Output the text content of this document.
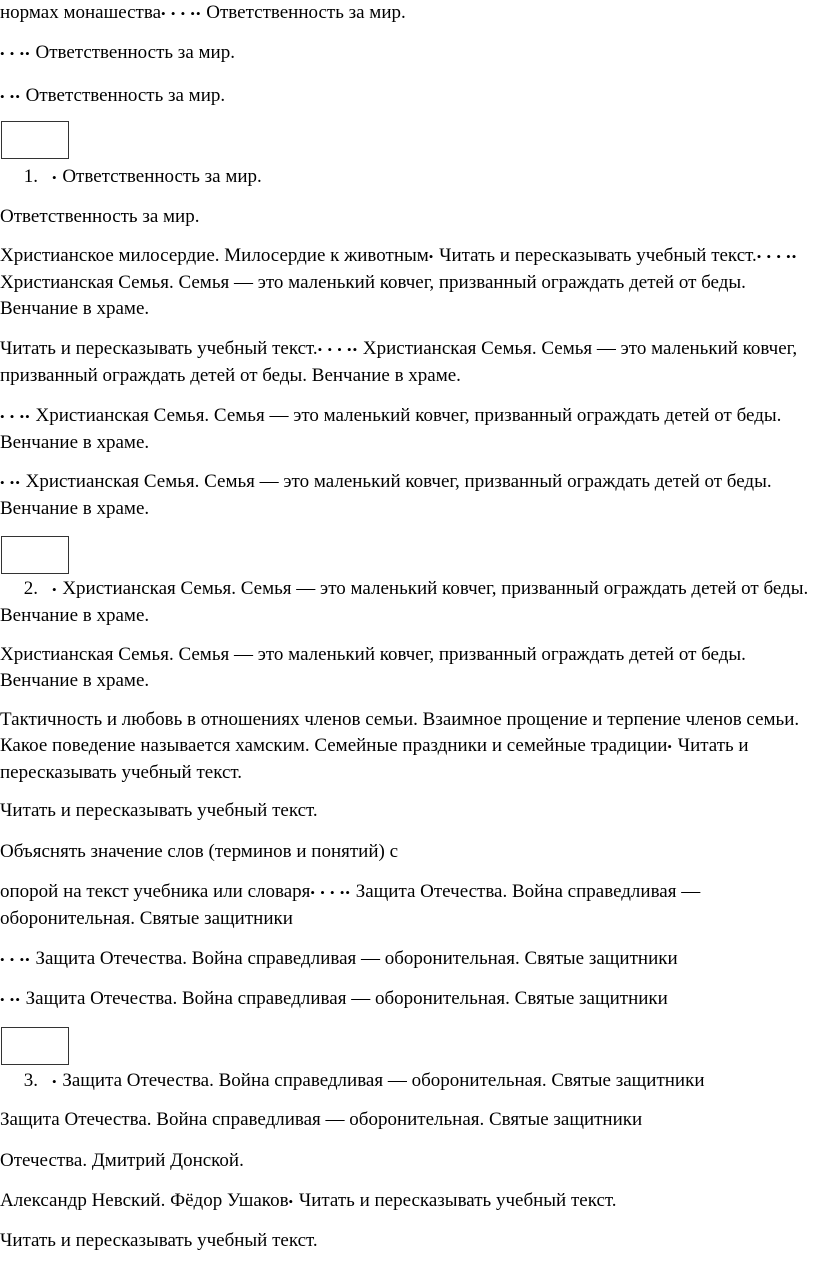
нормах монашества• • • •• Ответственность за мир.

• • •• Ответственность за мир.

• •• Ответственность за мир.

1. • Ответственность за мир.

Ответственность за мир.

Христианское милосердие. Милосердие к животным• Читать и пересказывать учебный текст.• • • •• Христианская Семья. Семья — это маленький ковчег, призванный ограждать детей от беды. Венчание в храме.

Читать и пересказывать учебный текст.• • • •• Христианская Семья. Семья — это маленький ковчег, призванный ограждать детей от беды. Венчание в храме.

• • •• Христианская Семья. Семья — это маленький ковчег, призванный ограждать детей от беды. Венчание в храме.

• •• Христианская Семья. Семья — это маленький ковчег, призванный ограждать детей от беды. Венчание в храме.

2. • Христианская Семья. Семья — это маленький ковчег, призванный ограждать детей от беды. Венчание в храме.

Христианская Семья. Семья — это маленький ковчег, призванный ограждать детей от беды. Венчание в храме.

Тактичность и любовь в отношениях членов семьи. Взаимное прощение и терпение членов семьи. Какое поведение называется хамским. Семейные праздники и семейные традиции• Читать и пересказывать учебный текст.

Читать и пересказывать учебный текст.

Объяснять значение слов (терминов и понятий) с

опорой на текст учебника или словаря• • • •• Защита Отечества. Война справедливая — оборонительная. Святые защитники

• • •• Защита Отечества. Война справедливая — оборонительная. Святые защитники

• •• Защита Отечества. Война справедливая — оборонительная. Святые защитники

3. • Защита Отечества. Война справедливая — оборонительная. Святые защитники

Защита Отечества. Война справедливая — оборонительная. Святые защитники

Отечества. Дмитрий Донской.

Александр Невский. Фёдор Ушаков• Читать и пересказывать учебный текст.

Читать и пересказывать учебный текст.
